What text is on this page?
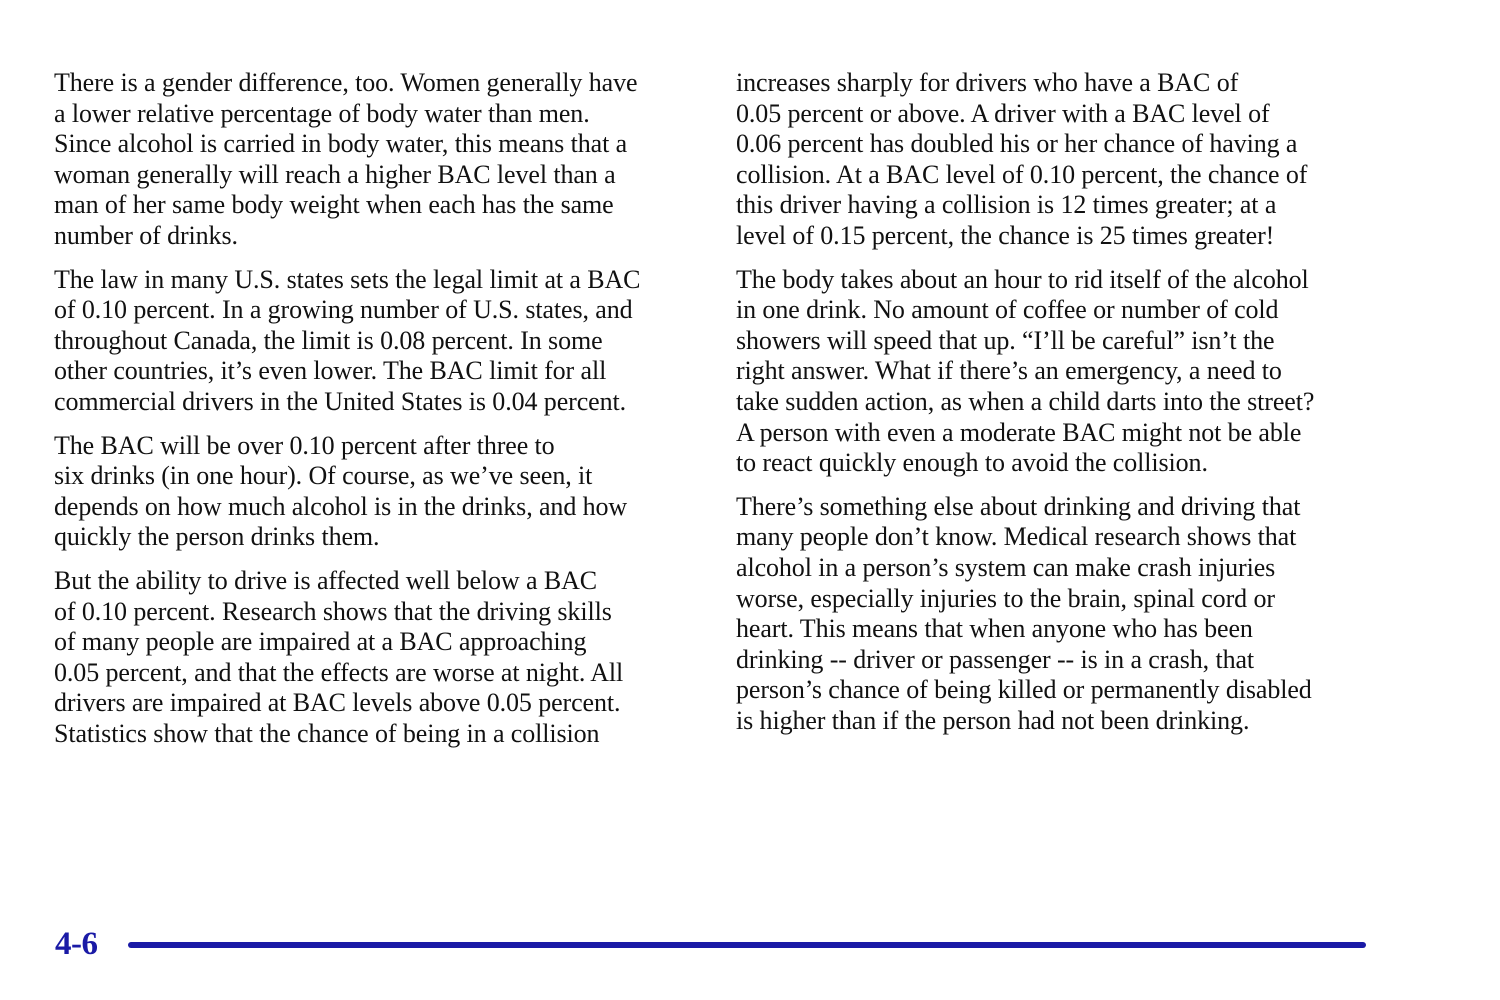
There is a gender difference, too. Women generally have
a lower relative percentage of body water than men.
Since alcohol is carried in body water, this means that a
woman generally will reach a higher BAC level than a
man of her same body weight when each has the same
number of drinks.

The law in many U.S. states sets the legal limit at a BAC
of 0.10 percent. In a growing number of U.S. states, and
throughout Canada, the limit is 0.08 percent. In some
other countries, it’s even lower. The BAC limit for all
commercial drivers in the United States is 0.04 percent.

The BAC will be over 0.10 percent after three to
six drinks (in one hour). Of course, as we’ve seen, it
depends on how much alcohol is in the drinks, and how
quickly the person drinks them.

But the ability to drive is affected well below a BAC
of 0.10 percent. Research shows that the driving skills
of many people are impaired at a BAC approaching
0.05 percent, and that the effects are worse at night. All
drivers are impaired at BAC levels above 0.05 percent.
Statistics show that the chance of being in a collision

increases sharply for drivers who have a BAC of
0.05 percent or above. A driver with a BAC level of
0.06 percent has doubled his or her chance of having a
collision. At a BAC level of 0.10 percent, the chance of
this driver having a collision is 12 times greater; at a
level of 0.15 percent, the chance is 25 times greater!

The body takes about an hour to rid itself of the alcohol
in one drink. No amount of coffee or number of cold
showers will speed that up. “I’ll be careful” isn’t the
right answer. What if there’s an emergency, a need to
take sudden action, as when a child darts into the street?
A person with even a moderate BAC might not be able
to react quickly enough to avoid the collision.

There’s something else about drinking and driving that
many people don’t know. Medical research shows that
alcohol in a person’s system can make crash injuries
worse, especially injuries to the brain, spinal cord or
heart. This means that when anyone who has been
drinking -- driver or passenger -- is in a crash, that
person’s chance of being killed or permanently disabled
is higher than if the person had not been drinking.

4-6
